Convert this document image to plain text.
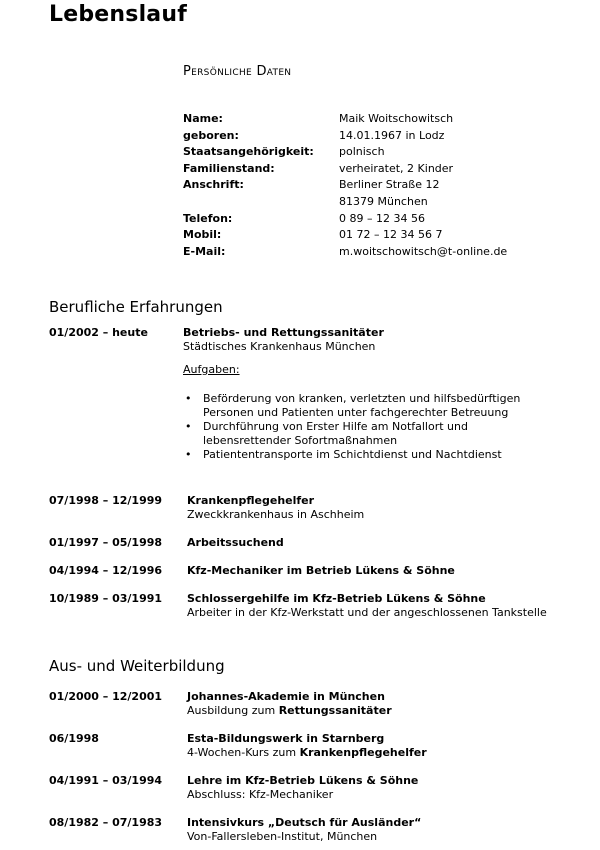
Lebenslauf
Persönliche Daten
Name:	Maik Woitschowitsch
geboren:	14.01.1967 in Lodz
Staatsangehörigkeit:	polnisch
Familienstand:	verheiratet, 2 Kinder
Anschrift:	Berliner Straße 12
81379 München
Telefon:	0 89 – 12 34 56
Mobil:	01 72 – 12 34 56 7
E-Mail:	m.woitschowitsch@t-online.de
Berufliche Erfahrungen
01/2002 – heute	Betriebs- und Rettungssanitäter
Städtisches Krankenhaus München
Aufgaben:
• Beförderung von kranken, verletzten und hilfsbedürftigen
Personen und Patienten unter fachgerechter Betreuung
• Durchführung von Erster Hilfe am Notfallort und
lebensrettender Sofortmaßnahmen
• Patiententransporte im Schichtdienst und Nachtdienst
07/1998 – 12/1999	Krankenpflegehelfer
Zweckkrankenhaus in Aschheim
01/1997 – 05/1998	Arbeitssuchend
04/1994 – 12/1996	Kfz-Mechaniker im Betrieb Lükens & Söhne
10/1989 – 03/1991	Schlossergehilfe im Kfz-Betrieb Lükens & Söhne
Arbeiter in der Kfz-Werkstatt und der angeschlossenen Tankstelle
Aus- und Weiterbildung
01/2000 – 12/2001	Johannes-Akademie in München
Ausbildung zum Rettungssanitäter
06/1998	Esta-Bildungswerk in Starnberg
4-Wochen-Kurs zum Krankenpflegehelfer
04/1991 – 03/1994	Lehre im Kfz-Betrieb Lükens & Söhne
Abschluss: Kfz-Mechaniker
08/1982 – 07/1983	Intensivkurs „Deutsch für Ausländer“
Von-Fallersleben-Institut, München
